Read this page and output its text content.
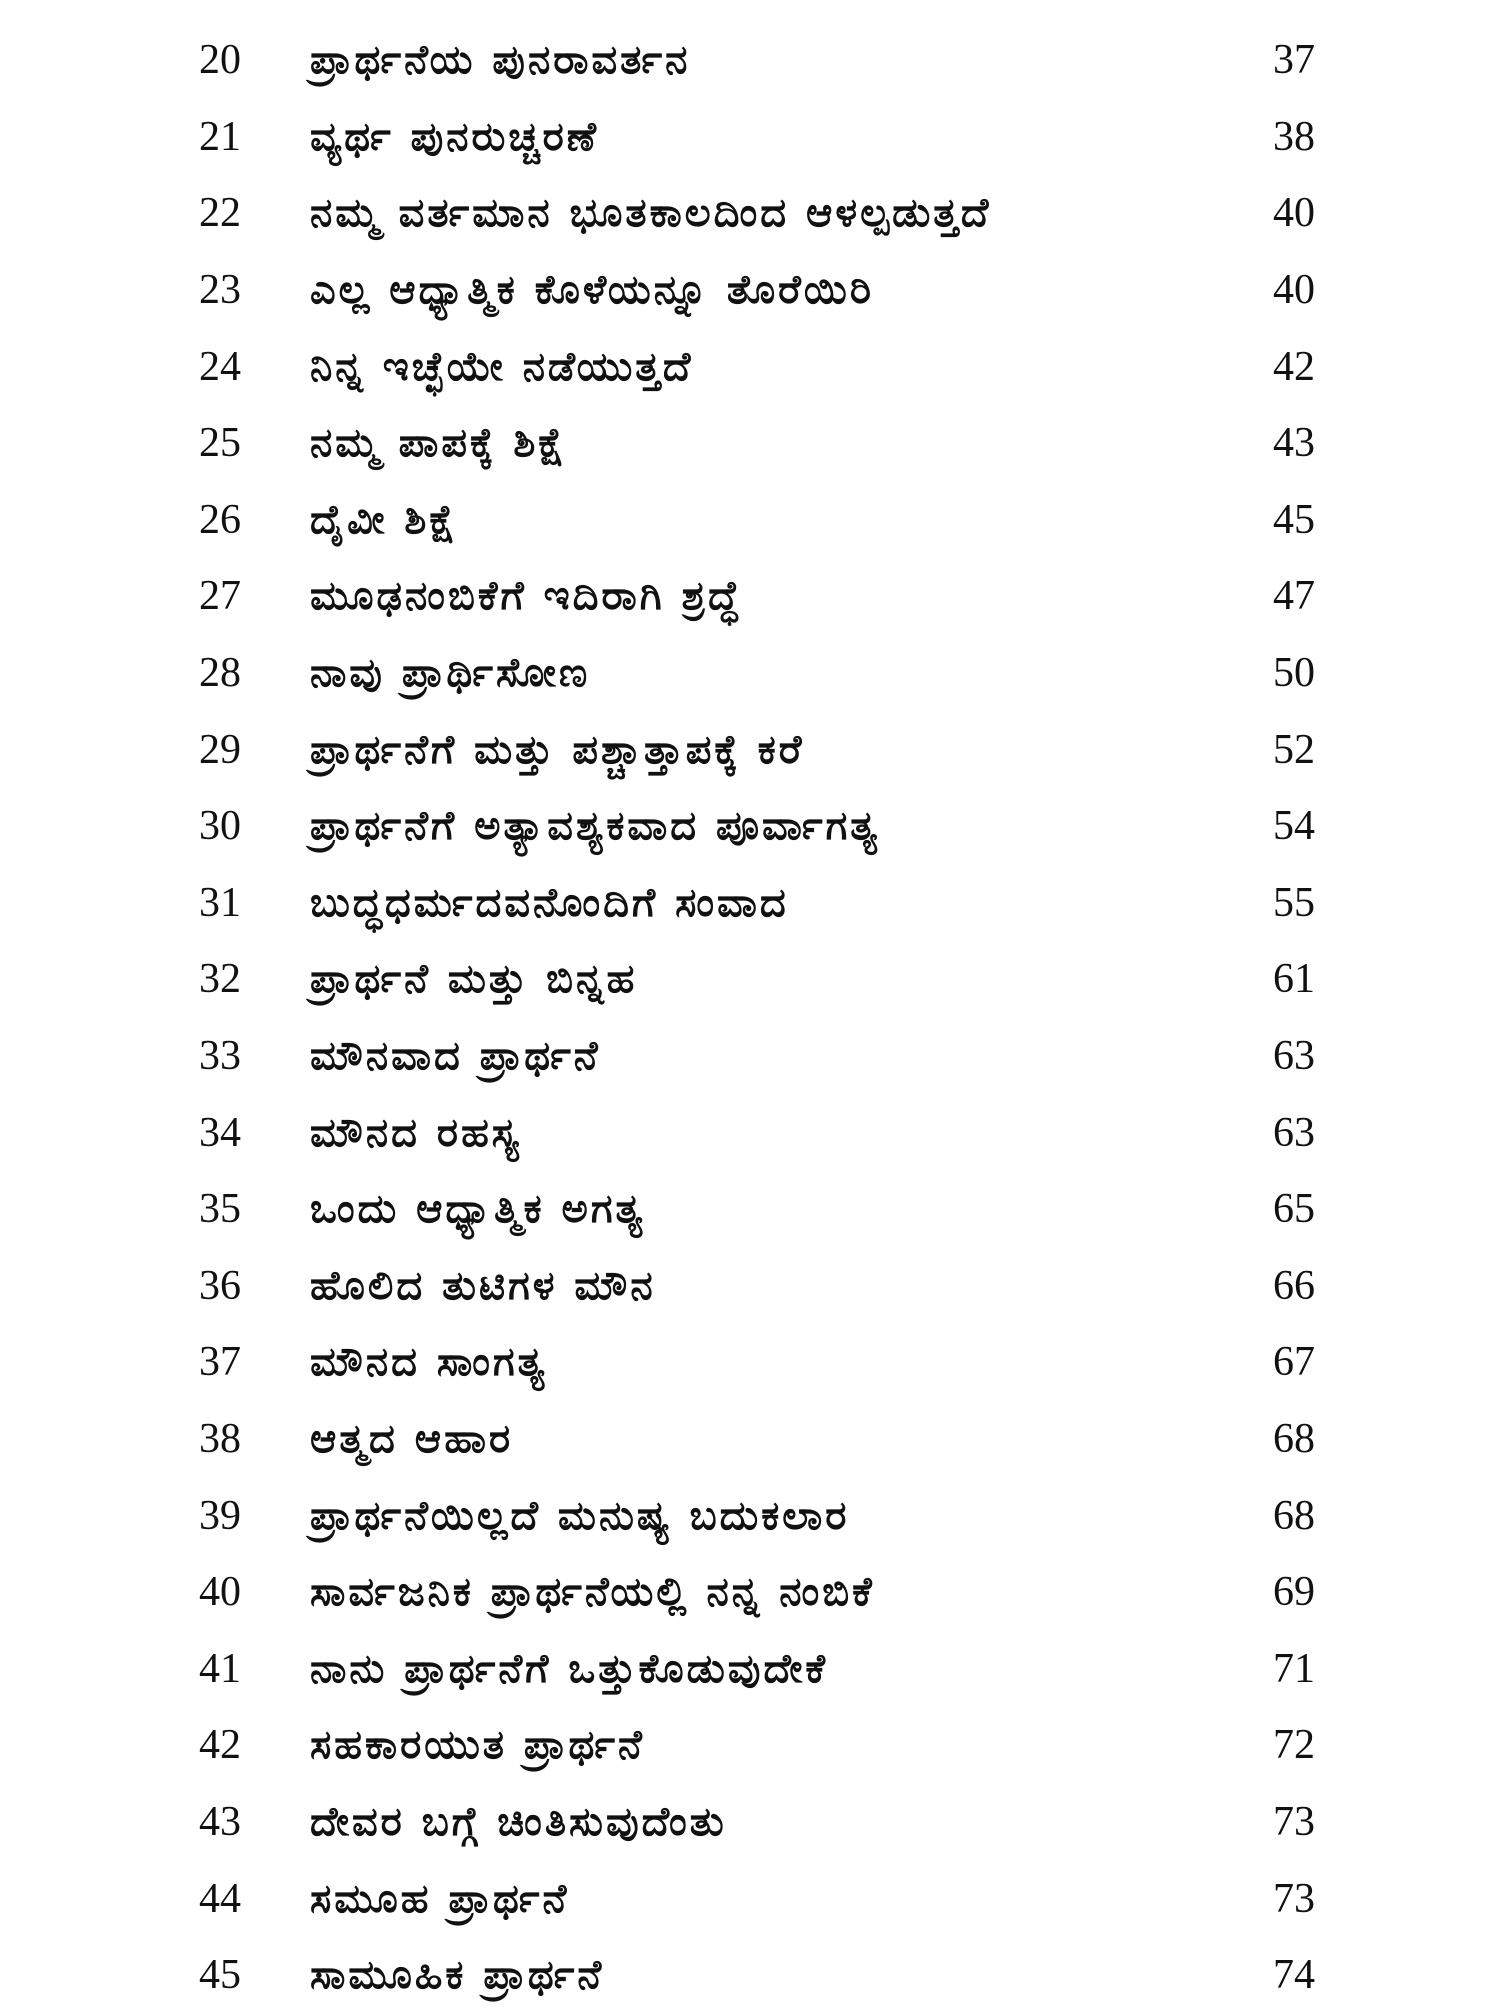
20	ಪ್ರಾರ್ಥನೆಯ ಪುನರಾವರ್ತನ	37
21	ವ್ಯರ್ಥ ಪುನರುಚ್ಚರಣೆ	38
22	ನಮ್ಮ ವರ್ತಮಾನ ಭೂತಕಾಲದಿಂದ ಆಳಲ್ಪಡುತ್ತದೆ	40
23	ಎಲ್ಲ ಆಧ್ಯಾತ್ಮಿಕ ಕೊಳೆಯನ್ನೂ ತೊರೆಯಿರಿ	40
24	ನಿನ್ನ ಇಚ್ಛೆಯೇ ನಡೆಯುತ್ತದೆ	42
25	ನಮ್ಮ ಪಾಪಕ್ಕೆ ಶಿಕ್ಷೆ	43
26	ದೈವೀ ಶಿಕ್ಷೆ	45
27	ಮೂಢನಂಬಿಕೆಗೆ ಇದಿರಾಗಿ ಶ್ರದ್ಧೆ	47
28	ನಾವು ಪ್ರಾರ್ಥಿಸೋಣ	50
29	ಪ್ರಾರ್ಥನೆಗೆ ಮತ್ತು ಪಶ್ಚಾತ್ತಾಪಕ್ಕೆ ಕರೆ	52
30	ಪ್ರಾರ್ಥನೆಗೆ ಅತ್ಯಾವಶ್ಯಕವಾದ ಪೂರ್ವಾಗತ್ಯ	54
31	ಬುದ್ಧಧರ್ಮದವನೊಂದಿಗೆ ಸಂವಾದ	55
32	ಪ್ರಾರ್ಥನೆ ಮತ್ತು ಬಿನ್ನಹ	61
33	ಮೌನವಾದ ಪ್ರಾರ್ಥನೆ	63
34	ಮೌನದ ರಹಸ್ಯ	63
35	ಒಂದು ಆಧ್ಯಾತ್ಮಿಕ ಅಗತ್ಯ	65
36	ಹೊಲಿದ ತುಟಿಗಳ ಮೌನ	66
37	ಮೌನದ ಸಾಂಗತ್ಯ	67
38	ಆತ್ಮದ ಆಹಾರ	68
39	ಪ್ರಾರ್ಥನೆಯಿಲ್ಲದೆ ಮನುಷ್ಯ ಬದುಕಲಾರ	68
40	ಸಾರ್ವಜನಿಕ ಪ್ರಾರ್ಥನೆಯಲ್ಲಿ ನನ್ನ ನಂಬಿಕೆ	69
41	ನಾನು ಪ್ರಾರ್ಥನೆಗೆ ಒತ್ತುಕೊಡುವುದೇಕೆ	71
42	ಸಹಕಾರಯುತ ಪ್ರಾರ್ಥನೆ	72
43	ದೇವರ ಬಗ್ಗೆ ಚಿಂತಿಸುವುದೆಂತು	73
44	ಸಮೂಹ ಪ್ರಾರ್ಥನೆ	73
45	ಸಾಮೂಹಿಕ ಪ್ರಾರ್ಥನೆ	74
